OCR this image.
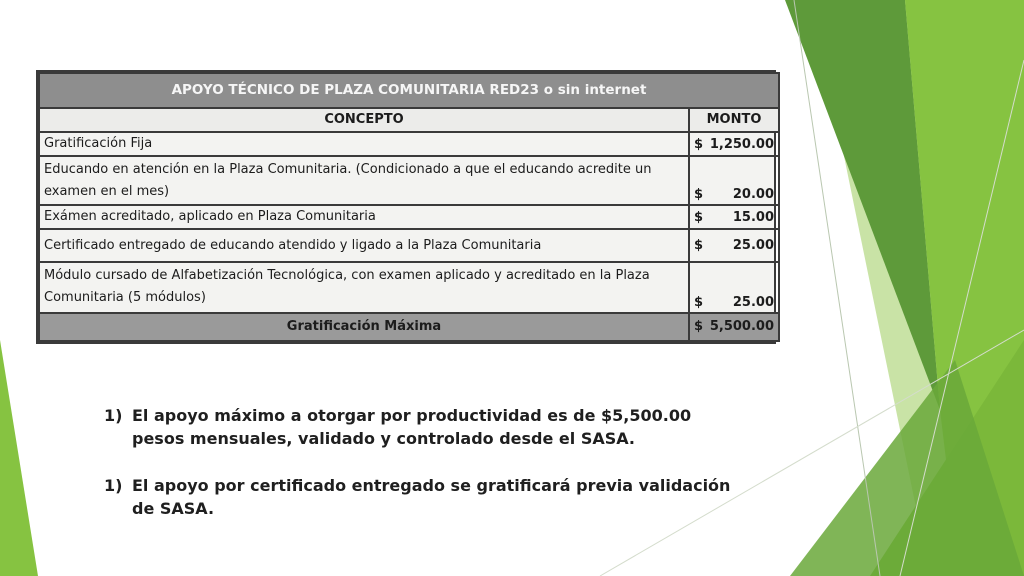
APOYO TÉCNICO DE PLAZA COMUNITARIA RED23 o sin internet	
CONCEPTO	MONTO
Gratificación Fija	$ 1,250.00

Educando en atención en la Plaza Comunitaria. (Condicionado a que el educando acredite un examen en el mes)	$ 20.00

Exámen acreditado, aplicado en Plaza Comunitaria	$ 15.00

Certificado entregado de educando atendido y ligado a la Plaza Comunitaria	$ 25.00

Módulo cursado de Alfabetización Tecnológica, con examen aplicado y acreditado en la Plaza Comunitaria (5 módulos)	$ 25.00

Gratificación Máxima	$ 5,500.00
1) El apoyo máximo a otorgar por productividad es de $5,500.00 pesos mensuales, validado y controlado desde el SASA.
1) El apoyo por certificado entregado se gratificará previa validación de SASA.
